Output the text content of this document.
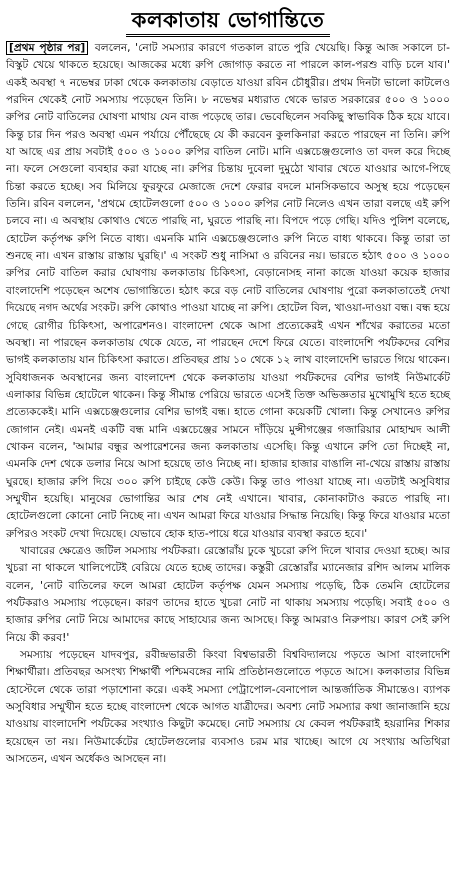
কলকাতায় ভোগান্তিতে

[প্রথম পৃষ্ঠার পর] বললেন, 'নোট সমস্যার কারণে গতকাল রাতে পুরি খেয়েছি। কিন্তু আজ সকালে চা-বিস্কুট খেয়ে থাকতে হয়েছে। আজকের মধ্যে রুপি জোগাড় করতে না পারলে কাল-পরশু বাড়ি চলে যাব।' একই অবস্থা ৭ নভেম্বর ঢাকা থেকে কলকাতায় বেড়াতে যাওয়া রবিন চৌধুরীর। প্রথম দিনটা ভালো কাটলেও পরদিন থেকেই নোট সমস্যায় পড়েছেন তিনি। ৮ নভেম্বর মধ্যরাত থেকে ভারত সরকারের ৫০০ ও ১০০০ রুপির নোট বাতিলের ঘোষণা মাথায় যেন বাজ পড়েছে তার। ভেবেছিলেন সবকিছু স্বাভাবিক ঠিক হয়ে যাবে। কিন্তু চার দিন পরও অবস্থা এমন পর্যায়ে পৌঁছেছে যে কী করবেন কুলকিনারা করতে পারছেন না তিনি। রুপি যা আছে এর প্রায় সবটাই ৫০০ ও ১০০০ রুপির বাতিল নোট। মানি এক্সচেঞ্জগুলোও তা বদল করে দিচ্ছে না। ফলে সেগুলো ব্যবহার করা যাচ্ছে না। রুপির চিন্তায় দুবেলা দুমুঠো খাবার খেতে যাওয়ার আগে-পিছে চিন্তা করতে হচ্ছে। সব মিলিয়ে ফুরফুরে মেজাজে দেশে ফেরার বদলে মানসিকভাবে অসুস্থ হয়ে পড়েছেন তিনি। রবিন বললেন, 'প্রথমে হোটেলগুলো ৫০০ ও ১০০০ রুপির নোট নিলেও এখন তারা বলছে এই রুপি চলবে না। এ অবস্থায় কোথাও খেতে পারছি না, ঘুরতে পারছি না। বিপদে পড়ে গেছি। যদিও পুলিশ বলেছে, হোটেল কর্তৃপক্ষ রুপি নিতে বাধ্য। এমনকি মানি এক্সচেঞ্জগুলোও রুপি নিতে বাধ্য থাকবে। কিন্তু তারা তা শুনছে না। এখন রাস্তায় রাস্তায় ঘুরছি।' এ সংকট শুধু নাসিমা ও রবিনের নয়। ভারতে হঠাৎ ৫০০ ও ১০০০ রুপির নোট বাতিল করার ঘোষণায় কলকাতায় চিকিৎসা, বেড়ানোসহ নানা কাজে যাওয়া কয়েক হাজার বাংলাদেশি পড়েছেন অশেষ ভোগান্তিতে। হঠাৎ করে বড় নোট বাতিলের ঘোষণায় পুরো কলকাতাতেই দেখা দিয়েছে নগদ অর্থের সংকট। রুপি কোথাও পাওয়া যাচ্ছে না রুপি। হোটেল বিল, খাওয়া-দাওয়া বন্ধ। বন্ধ হয়ে গেছে রোগীর চিকিৎসা, অপারেশনও। বাংলাদেশ থেকে আসা প্রত্যেকেরই এখন শাঁখের করাতের মতো অবস্থা। না পারছেন কলকাতায় থেকে যেতে, না পারছেন দেশে ফিরে যেতে। বাংলাদেশি পর্যটকদের বেশির ভাগই কলকাতায় যান চিকিৎসা করাতে। প্রতিবছর প্রায় ১০ থেকে ১২ লাখ বাংলাদেশি ভারতে গিয়ে থাকেন। সুবিধাজনক অবস্থানের জন্য বাংলাদেশ থেকে কলকাতায় যাওয়া পর্যটকদের বেশির ভাগই নিউমার্কেট এলাকার বিভিন্ন হোটেলে থাকেন। কিন্তু সীমান্ত পেরিয়ে ভারতে এসেই তিক্ত অভিজ্ঞতার মুখোমুখি হতে হচ্ছে প্রত্যেককেই। মানি এক্সচেঞ্জগুলোর বেশির ভাগই বন্ধ। হাতে গোনা কয়েকটি খোলা। কিন্তু সেখানেও রুপির জোগান নেই। এমনই একটি বন্ধ মানি এক্সচেঞ্জের সামনে দাঁড়িয়ে মুন্সীগঞ্জের গজারিয়ার মোহাম্মদ আলী খোকন বলেন, 'আমার বন্ধুর অপারেশনের জন্য কলকাতায় এসেছি। কিন্তু এখানে রুপি তো দিচ্ছেই না, এমনকি দেশ থেকে ডলার নিয়ে আসা হয়েছে তাও নিচ্ছে না। হাজার হাজার বাঙালি না-খেয়ে রাস্তায় রাস্তায় ঘুরছে। হাজার রুপি দিয়ে ৩০০ রুপি চাইছে কেউ কেউ। কিন্তু তাও পাওয়া যাচ্ছে না। এতটাই অসুবিধার সম্মুখীন হয়েছি। মানুষের ভোগান্তির আর শেষ নেই এখানে। খাবার, কোনাকাটাও করতে পারছি না। হোটেলগুলো কোনো নোট নিচ্ছে না। এখন আমরা ফিরে যাওয়ার সিদ্ধান্ত নিয়েছি। কিন্তু ফিরে যাওয়ার মতো রুপিরও সংকট দেখা দিয়েছে। যেভাবে হোক হাত-পায়ে ধরে যাওয়ার ব্যবস্থা করতে হবে।'

খাবারের ক্ষেত্রেও জটিল সমস্যায় পর্যটকরা। রেস্তোরাঁয় ঢুকে খুচরো রুপি দিলে খাবার দেওয়া হচ্ছে। আর খুচরা না থাকলে খালিপেটেই বেরিয়ে যেতে হচ্ছে তাদের। কস্তুরী রেস্তোরাঁর ম্যানেজার রশিদ আলম মালিক বলেন, 'নোট বাতিলের ফলে আমরা হোটেল কর্তৃপক্ষ যেমন সমস্যায় পড়েছি, ঠিক তেমনি হোটেলের পর্যটকরাও সমস্যায় পড়েছেন। কারণ তাদের হাতে খুচরা নোট না থাকায় সমস্যায় পড়েছি। সবাই ৫০০ ও হাজার রুপির নোট নিয়ে আমাদের কাছে সাহায্যের জন্য আসছে। কিন্তু আমরাও নিরুপায়। কারণ সেই রুপি নিয়ে কী করব!'

সমস্যায় পড়েছেন যাদবপুর, রবীন্দ্রভারতী কিংবা বিশ্বভারতী বিশ্ববিদ্যালয়ে পড়তে আসা বাংলাদেশি শিক্ষার্থীরা। প্রতিবছর অসংখ্য শিক্ষার্থী পশ্চিমবঙ্গের নামি প্রতিষ্ঠানগুলোতে পড়তে আসে। কলকাতার বিভিন্ন হোস্টেলে থেকে তারা পড়াশোনা করে। একই সমস্যা পেট্রাপোল-বেনাপোল আন্তর্জাতিক সীমান্তেও। ব্যাপক অসুবিধার সম্মুখীন হতে হচ্ছে বাংলাদেশ থেকে আগত যাত্রীদের। অবশ্য নোট সমস্যার কথা জানাজানি হয়ে যাওয়ায় বাংলাদেশি পর্যটকের সংখ্যাও কিছুটা কমেছে। নোট সমস্যায় যে কেবল পর্যটকরাই হয়রানির শিকার হয়েছেন তা নয়। নিউমার্কেটের হোটেলগুলোর ব্যবসাও চরম মার খাচ্ছে। আগে যে সংখ্যায় অতিথিরা আসতেন, এখন অর্ধেকও আসছেন না।
